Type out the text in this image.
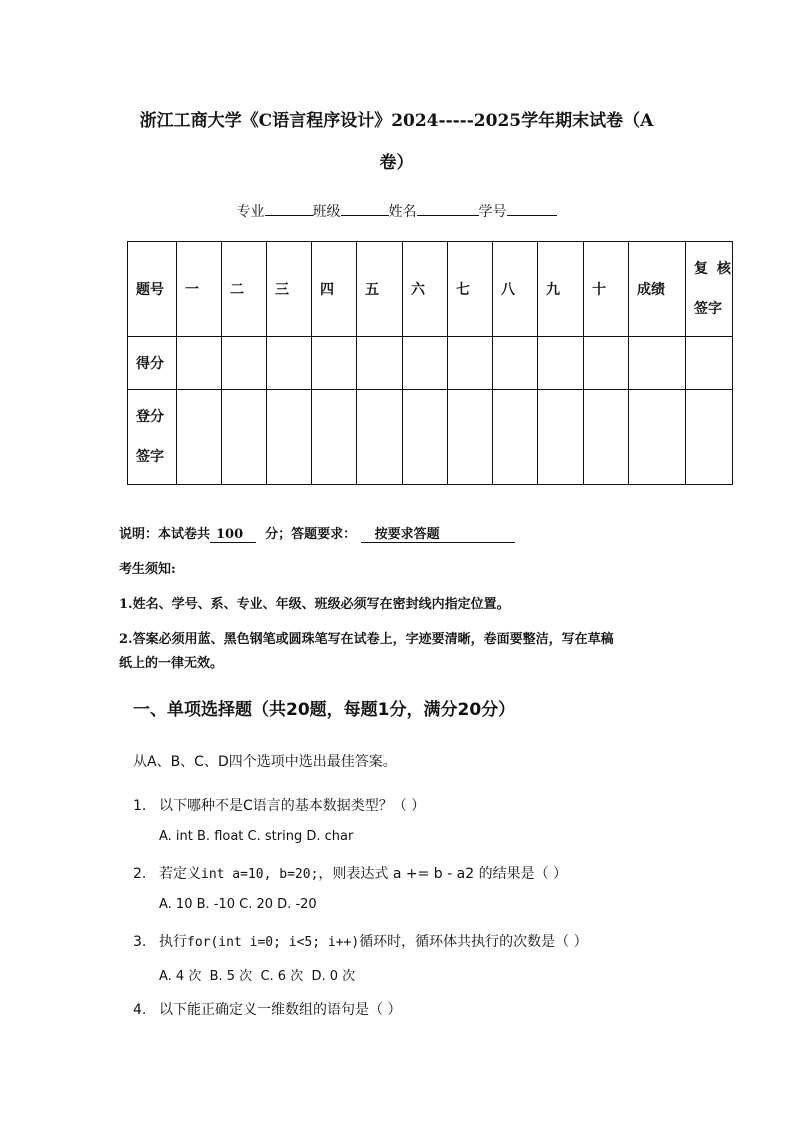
浙江工商大学《C语言程序设计》2024-----2025学年期末试卷（A
卷）
专业	班级	姓名	学号
题号	一	二	三	四	五	六	七	八	九	十	成绩	复 核 签字
得分												
登分 签字												
说明：本试卷共 100 分；答题要求： 按要求答题
考生须知:
1.姓名、学号、系、专业、年级、班级必须写在密封线内指定位置。
2.答案必须用蓝、黑色钢笔或圆珠笔写在试卷上，字迹要清晰，卷面要整洁，写在草稿
纸上的一律无效。
一、单项选择题（共20题，每题1分，满分20分）
从A、B、C、D四个选项中选出最佳答案。
1. 以下哪种不是C语言的基本数据类型？（ ）
A. int B. float C. string D. char
2. 若定义int a=10, b=20;，则表达式 a += b - a2 的结果是（ ）
A. 10 B. -10 C. 20 D. -20
3. 执行for(int i=0; i<5; i++)循环时，循环体共执行的次数是（ ）
A. 4 次  B. 5 次  C. 6 次  D. 0 次
4. 以下能正确定义一维数组的语句是（ ）
